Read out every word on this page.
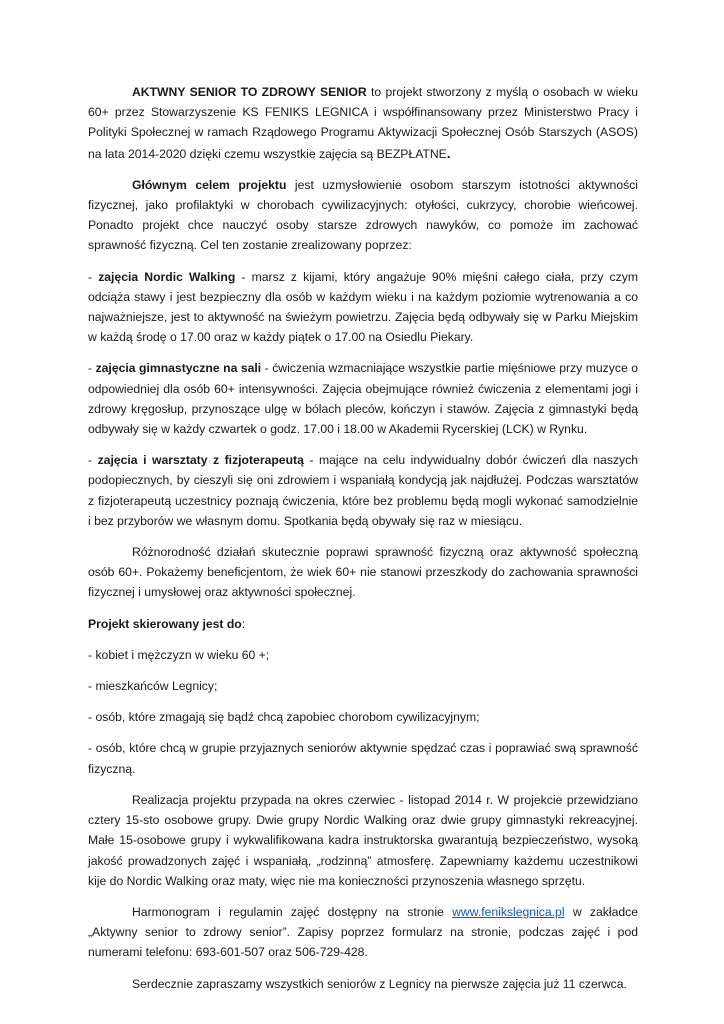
AKTWNY SENIOR TO ZDROWY SENIOR to projekt stworzony z myślą o osobach w wieku 60+ przez Stowarzyszenie KS FENIKS LEGNICA i współfinansowany przez Ministerstwo Pracy i Polityki Społecznej w ramach Rządowego Programu Aktywizacji Społecznej Osób Starszych (ASOS) na lata 2014-2020 dzięki czemu wszystkie zajęcia są BEZPŁATNE.

Głównym celem projektu jest uzmysłowienie osobom starszym istotności aktywności fizycznej, jako profilaktyki w chorobach cywilizacyjnych: otyłości, cukrzycy, chorobie wieńcowej. Ponadto projekt chce nauczyć osoby starsze zdrowych nawyków, co pomoże im zachować sprawność fizyczną. Cel ten zostanie zrealizowany poprzez:

- zajęcia Nordic Walking - marsz z kijami, który angażuje 90% mięśni całego ciała, przy czym odciąża stawy i jest bezpieczny dla osób w każdym wieku i na każdym poziomie wytrenowania a co najważniejsze, jest to aktywność na świeżym powietrzu. Zajęcia będą odbywały się w Parku Miejskim w każdą środę o 17.00 oraz w każdy piątek o 17.00 na Osiedlu Piekary.

- zajęcia gimnastyczne na sali - ćwiczenia wzmacniające wszystkie partie mięśniowe przy muzyce o odpowiedniej dla osób 60+ intensywności. Zajęcia obejmujące również ćwiczenia z elementami jogi i zdrowy kręgosłup, przynoszące ulgę w bólach pleców, kończyn i stawów. Zajęcia z gimnastyki będą odbywały się w każdy czwartek o godz. 17.00 i 18.00 w Akademii Rycerskiej (LCK) w Rynku.

- zajęcia i warsztaty z fizjoterapeutą - mające na celu indywidualny dobór ćwiczeń dla naszych podopiecznych, by cieszyli się oni zdrowiem i wspaniałą kondycją jak najdłużej. Podczas warsztatów z fizjoterapeutą uczestnicy poznają ćwiczenia, które bez problemu będą mogli wykonać samodzielnie i bez przyborów we własnym domu. Spotkania będą obywały się raz w miesiącu.

Różnorodność działań skutecznie poprawi sprawność fizyczną oraz aktywność społeczną osób 60+. Pokażemy beneficjentom, że wiek 60+ nie stanowi przeszkody do zachowania sprawności fizycznej i umysłowej oraz aktywności społecznej.

Projekt skierowany jest do:

- kobiet i mężczyzn w wieku 60 +;

- mieszkańców Legnicy;

- osób, które zmagają się bądź chcą zapobiec chorobom cywilizacyjnym;

- osób, które chcą w grupie przyjaznych seniorów aktywnie spędzać czas i poprawiać swą sprawność fizyczną.

Realizacja projektu przypada na okres czerwiec - listopad 2014 r. W projekcie przewidziano cztery 15-sto osobowe grupy. Dwie grupy Nordic Walking oraz dwie grupy gimnastyki rekreacyjnej. Małe 15-osobowe grupy i wykwalifikowana kadra instruktorska gwarantują bezpieczeństwo, wysoką jakość prowadzonych zajęć i wspaniałą, „rodzinną” atmosferę. Zapewniamy każdemu uczestnikowi kije do Nordic Walking oraz maty, więc nie ma konieczności przynoszenia własnego sprzętu.

Harmonogram i regulamin zajęć dostępny na stronie www.fenikslegnica.pl w zakładce „Aktywny senior to zdrowy senior”. Zapisy poprzez formularz na stronie, podczas zajęć i pod numerami telefonu: 693-601-507 oraz 506-729-428.

Serdecznie zapraszamy wszystkich seniorów z Legnicy na pierwsze zajęcia już 11 czerwca.
